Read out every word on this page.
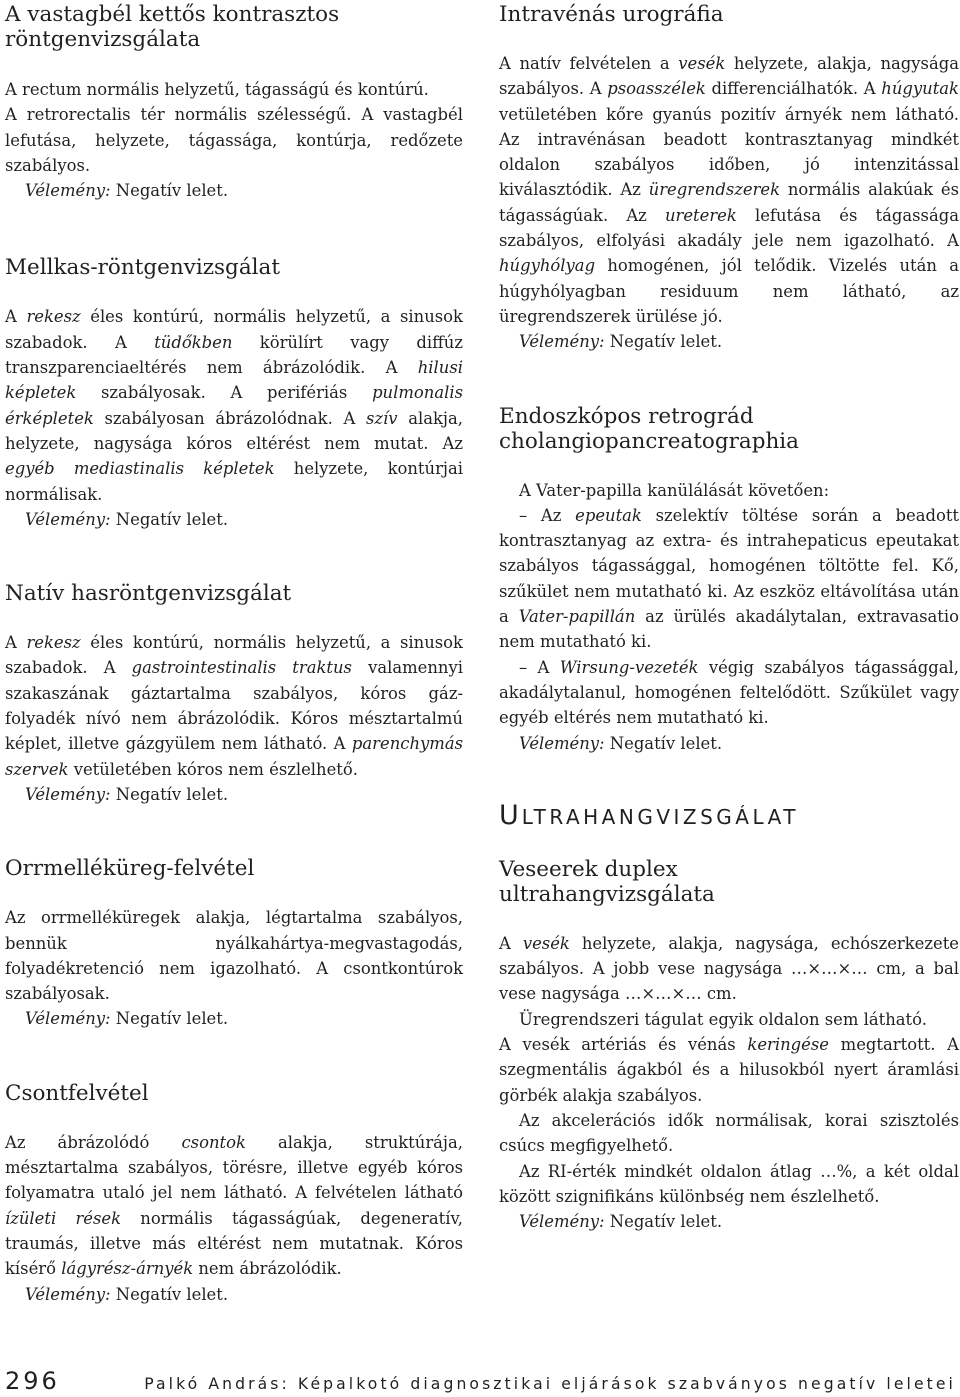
A vastagbél kettős kontrasztos röntgenvizsgálata

A rectum normális helyzetű, tágasságú és kontúrú.

A retrorectalis tér normális szélességű. A vastagbél lefutása, helyzete, tágassága, kontúrja, redőzete szabályos.

Vélemény: Negatív lelet.

Mellkas-röntgenvizsgálat

A rekesz éles kontúrú, normális helyzetű, a sinusok szabadok. A tüdőkben körülírt vagy diffúz transzparenciaeltérés nem ábrázolódik. A hilusi képletek szabályosak. A perifériás pulmonalis érképletek szabályosan ábrázolódnak. A szív alakja, helyzete, nagysága kóros eltérést nem mutat. Az egyéb mediastinalis képletek helyzete, kontúrjai normálisak.

Vélemény: Negatív lelet.

Natív hasröntgenvizsgálat

A rekesz éles kontúrú, normális helyzetű, a sinusok szabadok. A gastrointestinalis traktus valamennyi szakaszának gáztartalma szabályos, kóros gáz-folyadék nívó nem ábrázolódik. Kóros mésztartalmú képlet, illetve gázgyülem nem látható. A parenchymás szervek vetületében kóros nem észlelhető.

Vélemény: Negatív lelet.

Orrmelléküreg-felvétel

Az orrmelléküregek alakja, légtartalma szabályos, bennük nyálkahártya-megvastagodás, folyadékretenció nem igazolható. A csontkontúrok szabályosak.

Vélemény: Negatív lelet.

Csontfelvétel

Az ábrázolódó csontok alakja, struktúrája, mésztartalma szabályos, törésre, illetve egyéb kóros folyamatra utaló jel nem látható. A felvételen látható ízületi rések normális tágasságúak, degeneratív, traumás, illetve más eltérést nem mutatnak. Kóros kísérő lágyrész-árnyék nem ábrázolódik.

Vélemény: Negatív lelet.

Intravénás urográfia

A natív felvételen a vesék helyzete, alakja, nagysága szabályos. A psoasszélek differenciálhatók. A húgyutak vetületében kőre gyanús pozitív árnyék nem látható. Az intravénásan beadott kontrasztanyag mindkét oldalon szabályos időben, jó intenzitással kiválasztódik. Az üregrendszerek normális alakúak és tágasságúak. Az ureterek lefutása és tágassága szabályos, elfolyási akadály jele nem igazolható. A húgyhólyag homogénen, jól telődik. Vizelés után a húgyhólyagban residuum nem látható, az üregrendszerek ürülése jó.

Vélemény: Negatív lelet.

Endoszkópos retrográd cholangiopancreatographia

A Vater-papilla kanülálását követően:

– Az epeutak szelektív töltése során a beadott kontrasztanyag az extra- és intrahepaticus epeutakat szabályos tágassággal, homogénen töltötte fel. Kő, szűkület nem mutatható ki. Az eszköz eltávolítása után a Vater-papillán az ürülés akadálytalan, extravasatio nem mutatható ki.

– A Wirsung-vezeték végig szabályos tágassággal, akadálytalanul, homogénen feltelődött. Szűkület vagy egyéb eltérés nem mutatható ki.

Vélemény: Negatív lelet.

ULTRAHANGVIZSGÁLAT
Veseerek duplex ultrahangvizsgálata

A vesék helyzete, alakja, nagysága, echószerkezete szabályos. A jobb vese nagysága …×…×… cm, a bal vese nagysága …×…×… cm.

Üregrendszeri tágulat egyik oldalon sem látható.

A vesék artériás és vénás keringése megtartott. A szegmentális ágakból és a hilusokból nyert áramlási görbék alakja szabályos.

Az akcelerációs idők normálisak, korai szisztolés csúcs megfigyelhető.

Az RI-érték mindkét oldalon átlag …%, a két oldal között szignifikáns különbség nem észlelhető.

Vélemény: Negatív lelet.

296	Palkó András: Képalkotó diagnosztikai eljárások szabványos negatív leletei
